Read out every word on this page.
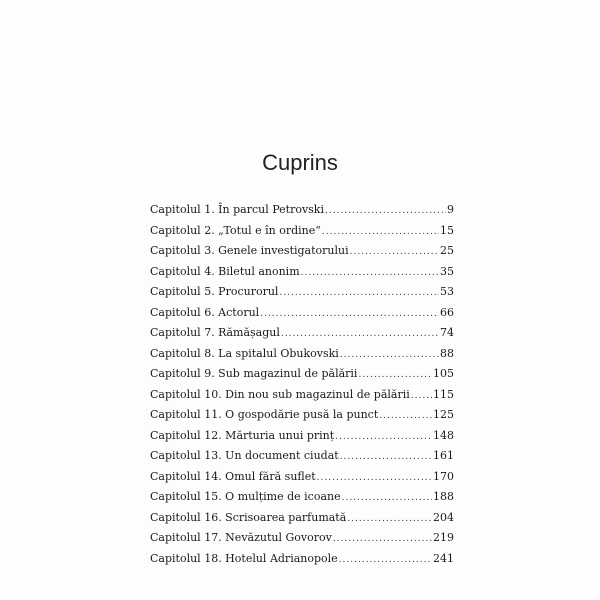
Cuprins
Capitolul 1. În parcul Petrovski .....	9
Capitolul 2. „Totul e în ordine“ .....	15
Capitolul 3. Genele investigatorului .....	25
Capitolul 4. Biletul anonim .....	35
Capitolul 5. Procurorul .....	53
Capitolul 6. Actorul .....	66
Capitolul 7. Rămășagul .....	74
Capitolul 8. La spitalul Obukovski .....	88
Capitolul 9. Sub magazinul de pălării .....	105
Capitolul 10. Din nou sub magazinul de pălării ..... 115
Capitolul 11. O gospodărie pusă la punct .....	125
Capitolul 12. Mărturia unui prinț .....	148
Capitolul 13. Un document ciudat .....	161
Capitolul 14. Omul fără suflet .....	170
Capitolul 15. O mulțime de icoane .....	188
Capitolul 16. Scrisoarea parfumată .....	204
Capitolul 17. Nevăzutul Govorov .....	219
Capitolul 18. Hotelul Adrianopole .....	241
